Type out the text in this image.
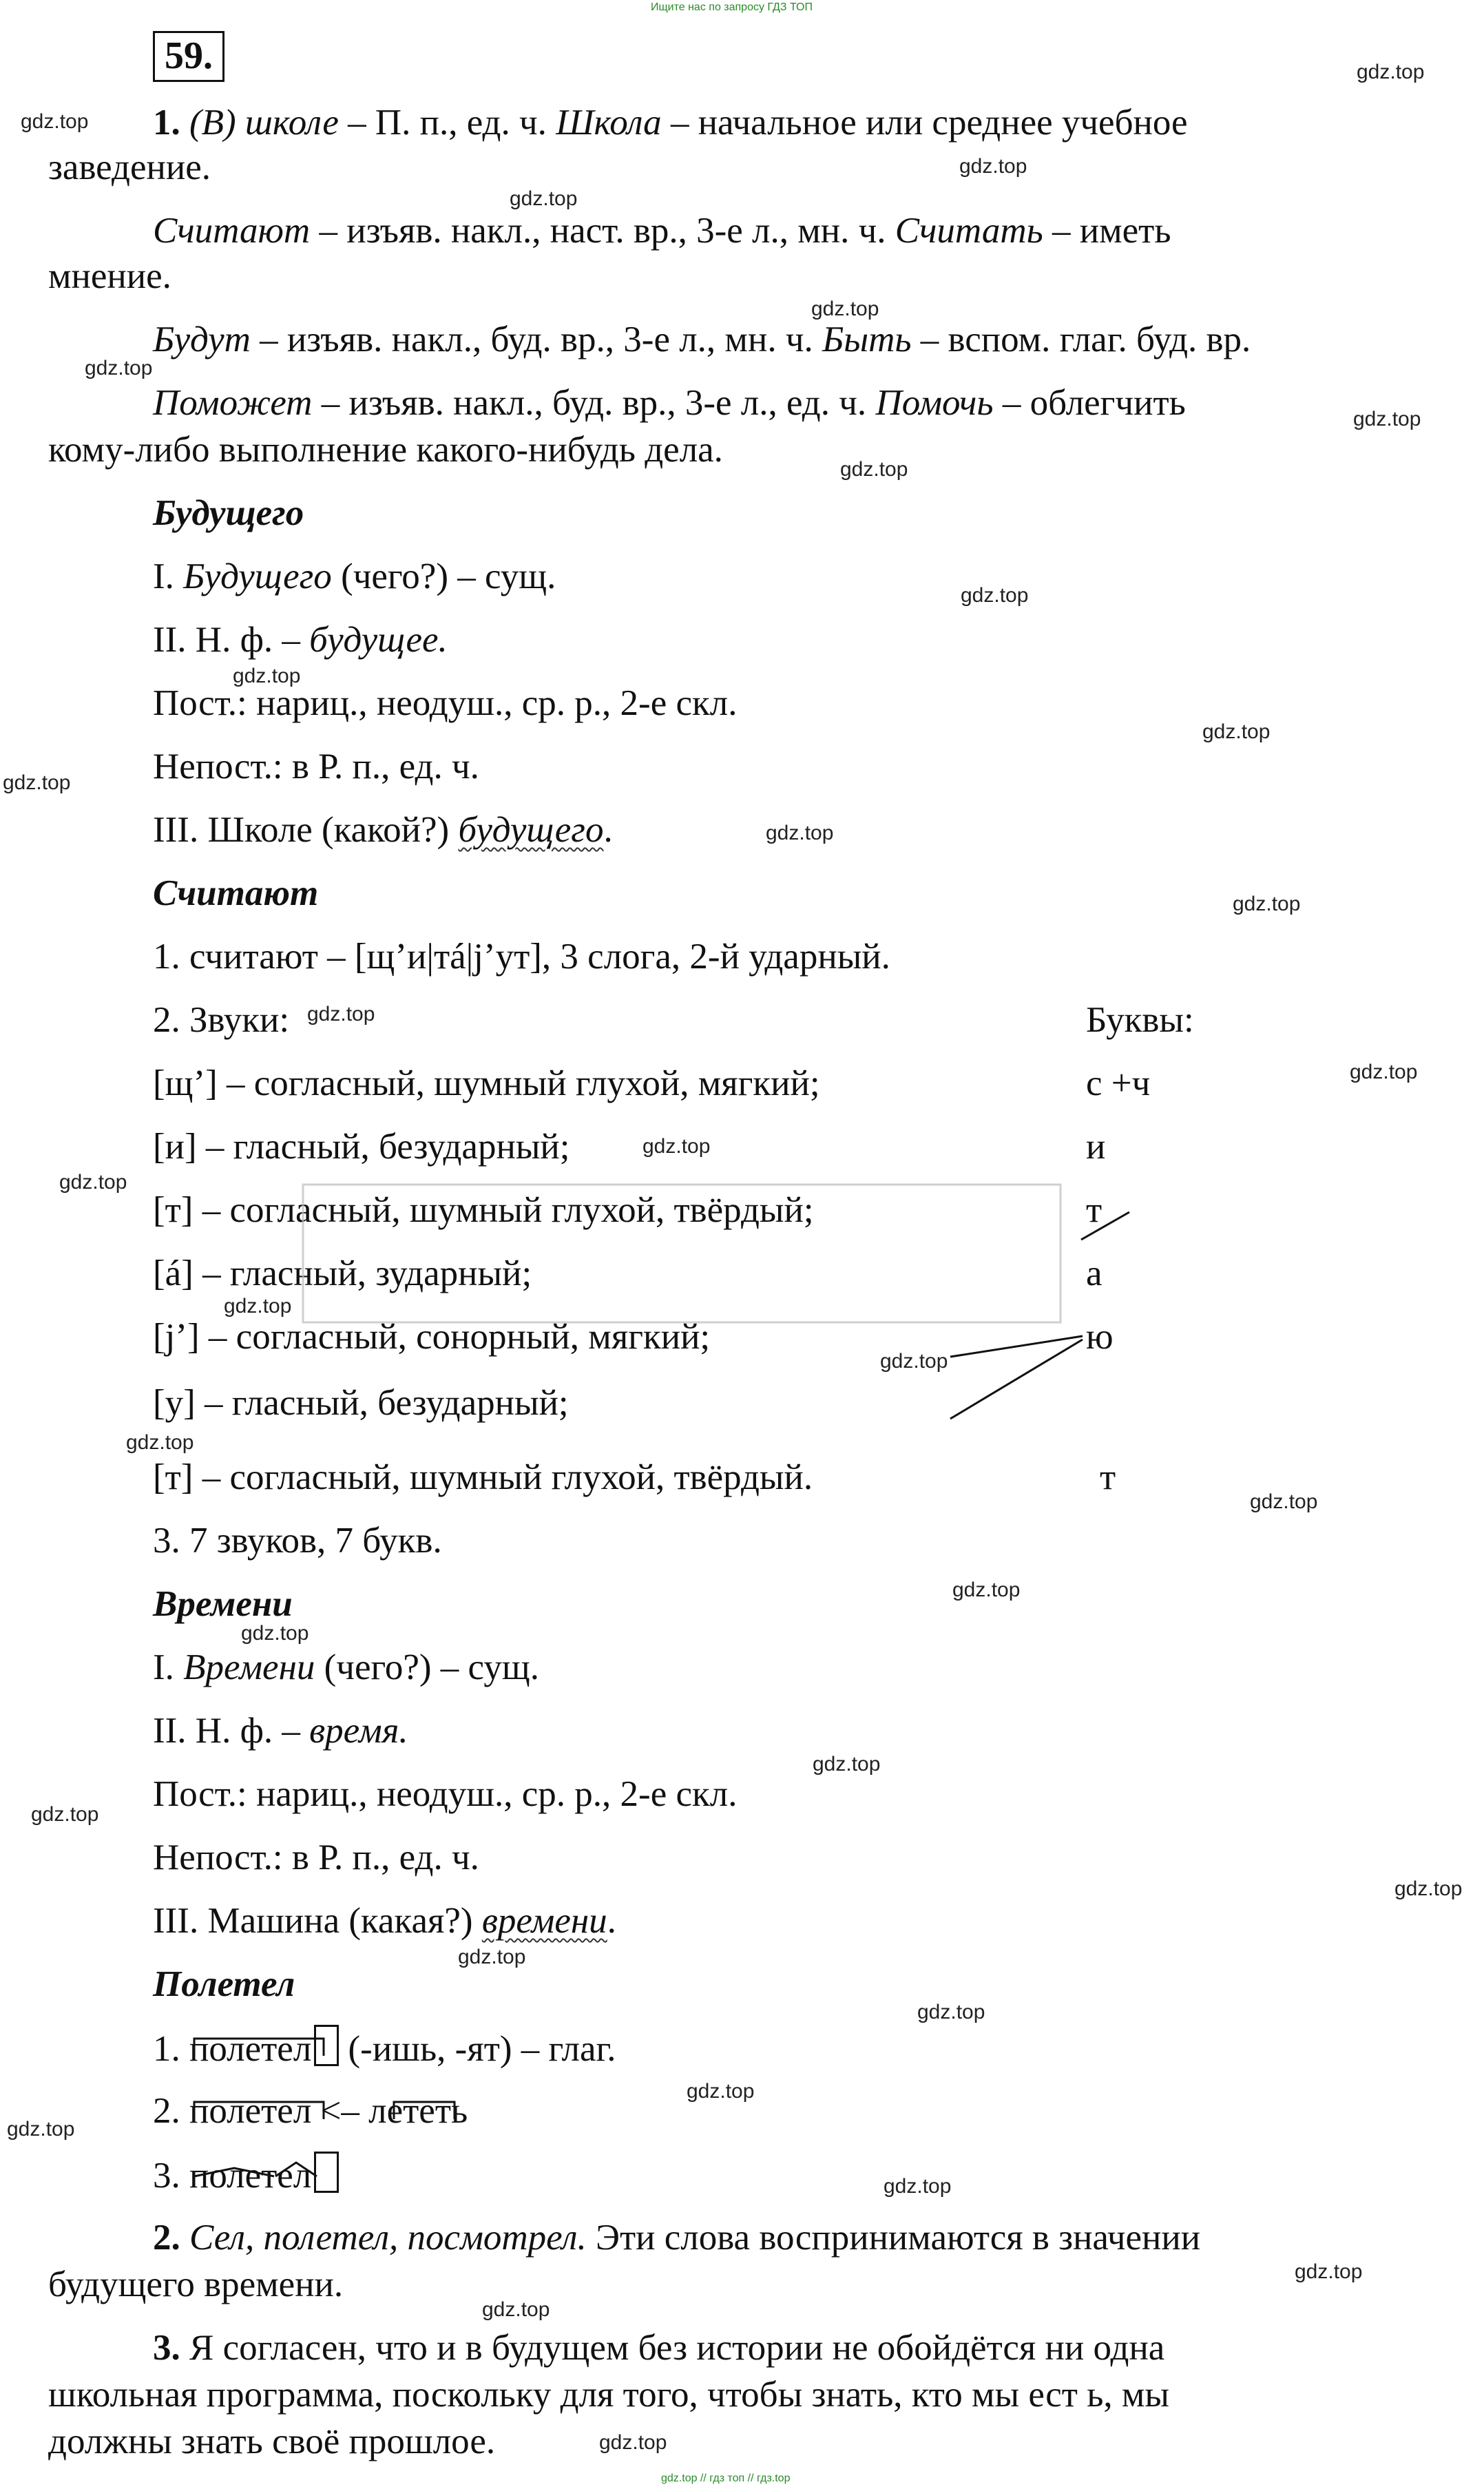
Ищите нас по запросу ГДЗ ТОП
59.
1. (В) школе – П. п., ед. ч. Школа – начальное или среднее учебное
заведение.
Считают – изъяв. накл., наст. вр., 3-е л., мн. ч. Считать – иметь
мнение.
Будут – изъяв. накл., буд. вр., 3-е л., мн. ч. Быть – вспом. глаг. буд. вр.
Поможет – изъяв. накл., буд. вр., 3-е л., ед. ч. Помочь – облегчить
кому-либо выполнение какого-нибудь дела.
Будущего
I. Будущего (чего?) – сущ.
II. Н. ф. – будущее.
Пост.: нариц., неодуш., ср. р., 2-е скл.
Непост.: в Р. п., ед. ч.
III. Школе (какой?) будущего.
Считают
1. считают – [щ’и|тá|j’ут], 3 слога, 2-й ударный.
2. Звуки:	Буквы:
[щ’] – согласный, шумный глухой, мягкий;	с +ч
[и] – гласный, безударный;	и
[т] – согласный, шумный глухой, твёрдый;	т
[á] – гласный, зударный;	а
[j’] – согласный, сонорный, мягкий;	ю
[у] – гласный, безударный;
[т] – согласный, шумный глухой, твёрдый.	т
3. 7 звуков, 7 букв.
Времени
I. Времени (чего?) – сущ.
II. Н. ф. – время.
Пост.: нариц., неодуш., ср. р., 2-е скл.
Непост.: в Р. п., ед. ч.
III. Машина (какая?) времени.
Полетел
1. полетел (-ишь, -ят) – глаг.
2. полетел <– лететь
3. полетел
2. Сел, полетел, посмотрел. Эти слова воспринимаются в значении
будущего времени.
3. Я согласен, что и в будущем без истории не обойдётся ни одна
школьная программа, поскольку для того, чтобы знать, кто мы ест ь, мы
должны знать своё прошлое.
gdz.top // гдз топ // гдз.top
gdz.top
gdz.top
gdz.top
gdz.top
gdz.top
gdz.top
gdz.top
gdz.top
gdz.top
gdz.top
gdz.top
gdz.top
gdz.top
gdz.top
gdz.top
gdz.top
gdz.top
gdz.top
gdz.top
gdz.top
gdz.top
gdz.top
gdz.top
gdz.top
gdz.top
gdz.top
gdz.top
gdz.top
gdz.top
gdz.top
gdz.top
gdz.top
gdz.top
gdz.top
gdz.top
